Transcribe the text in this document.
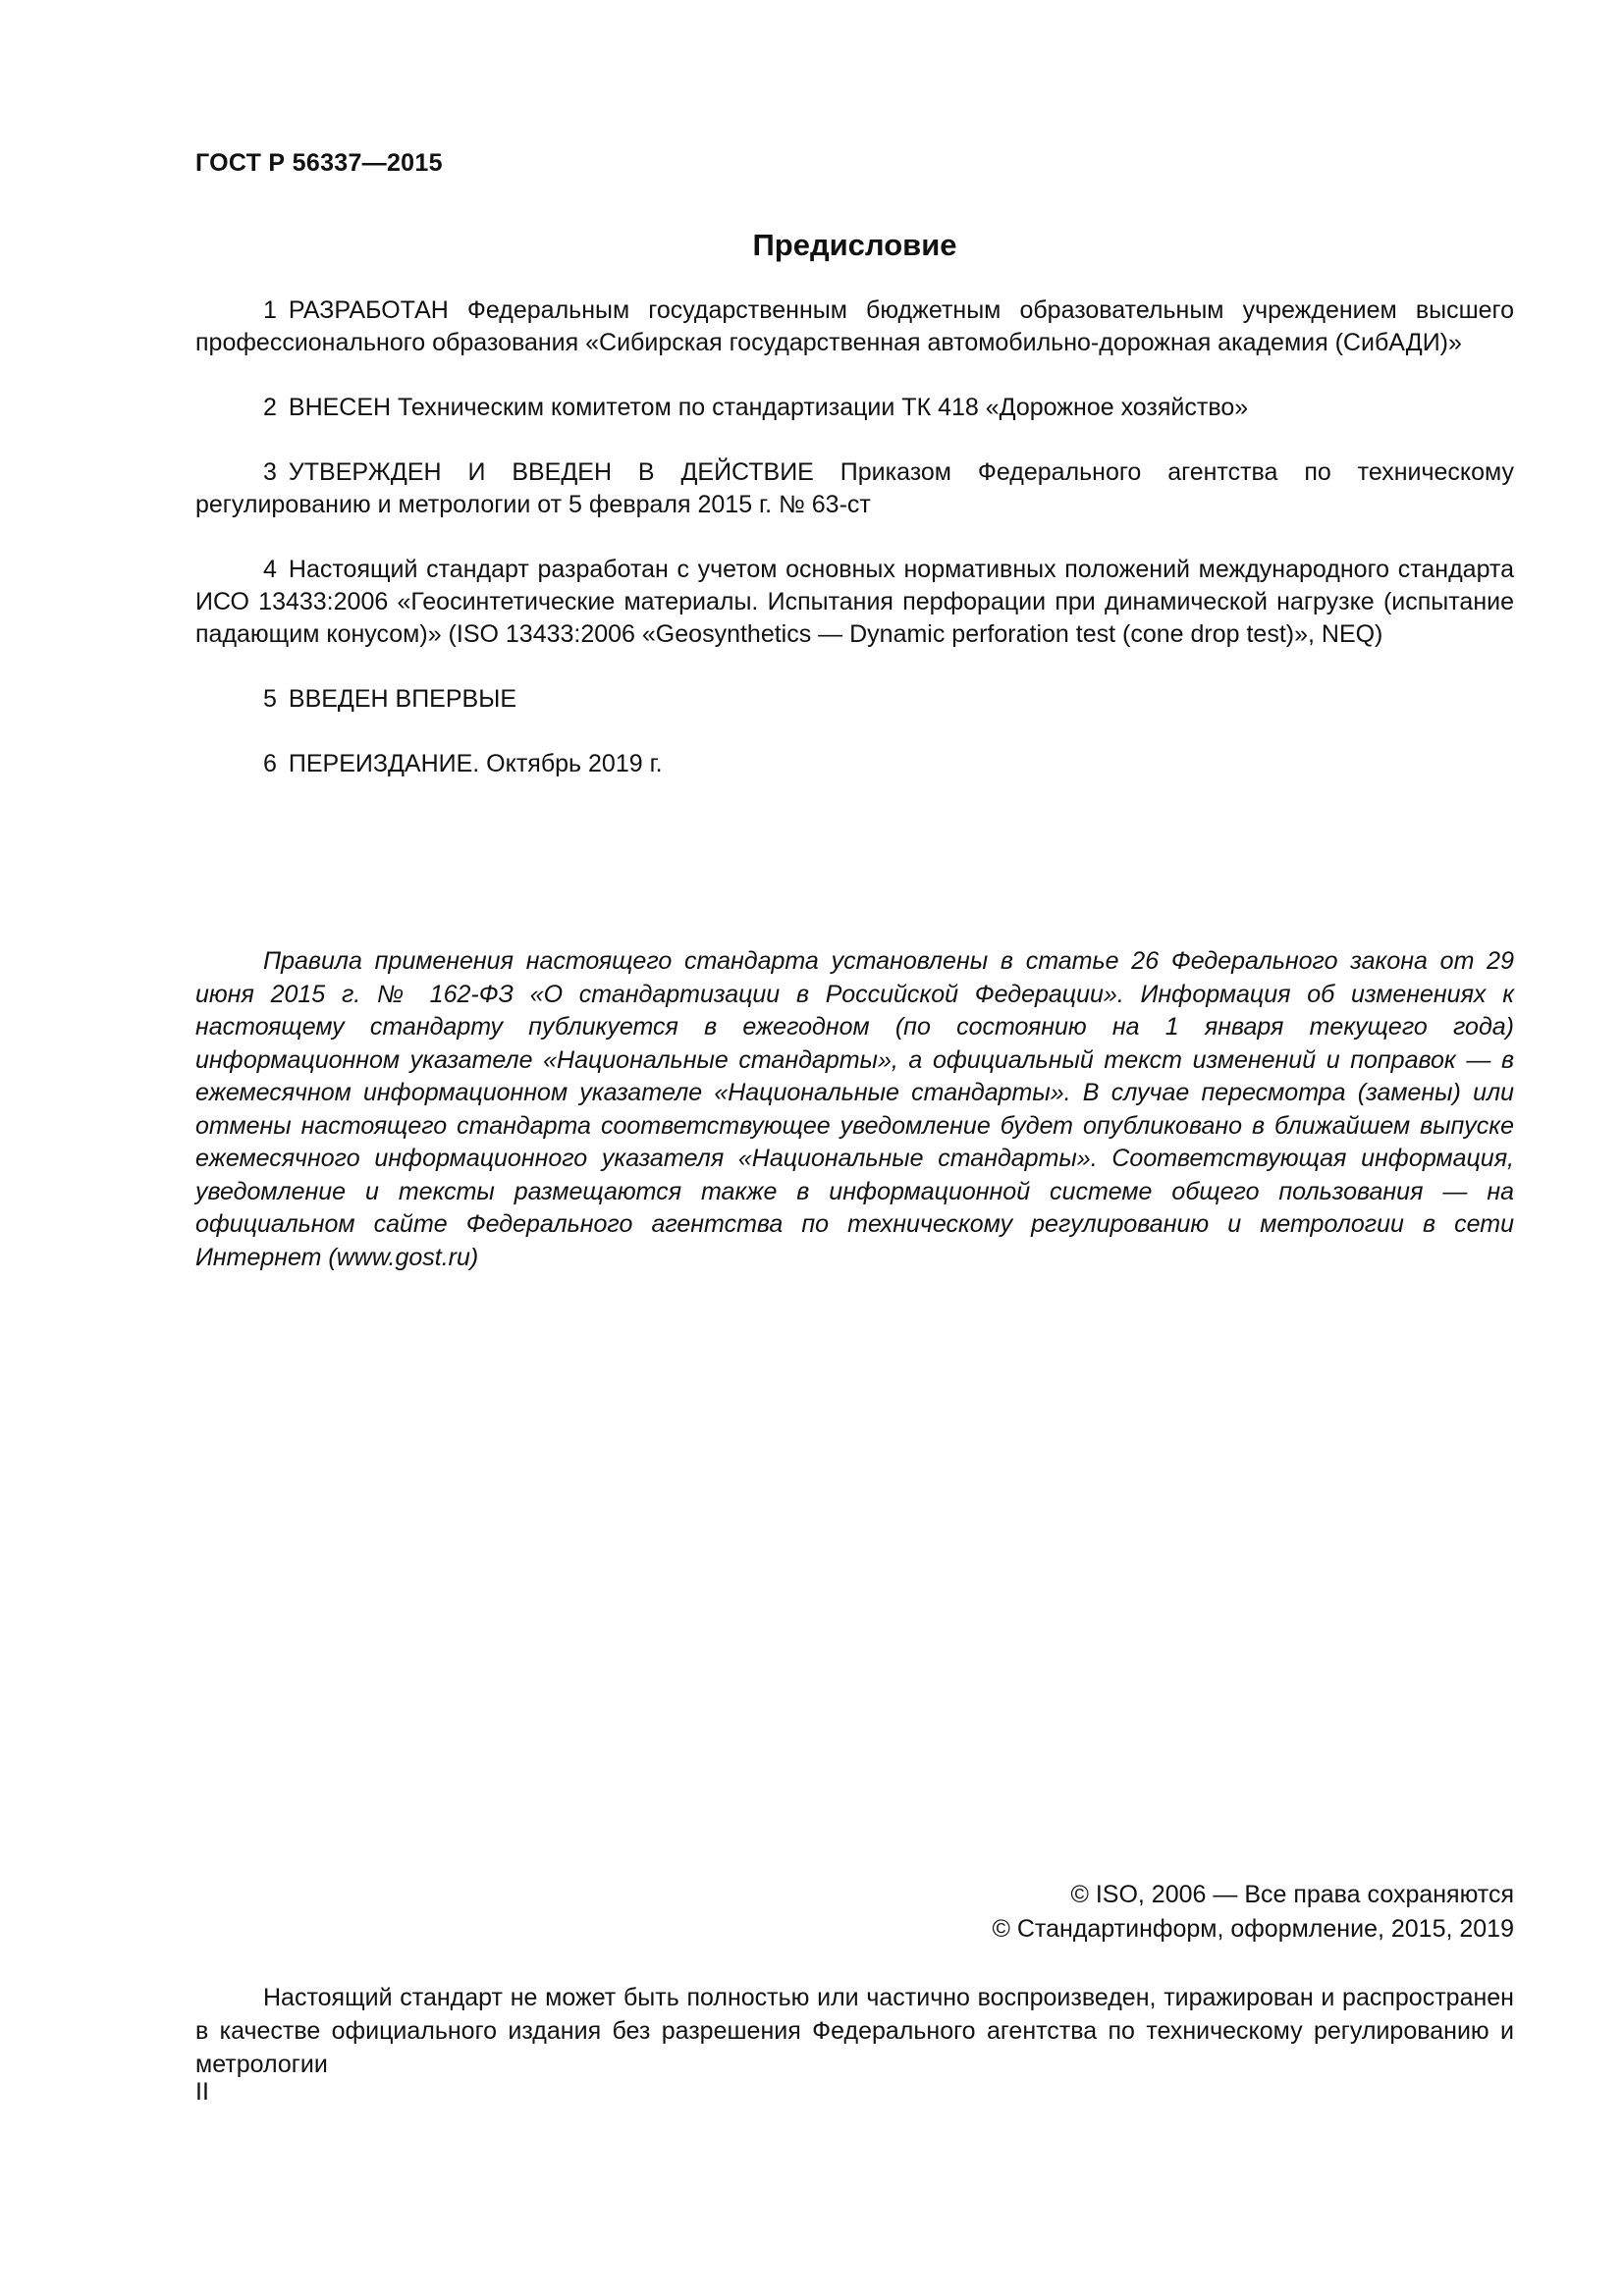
ГОСТ Р 56337—2015
Предисловие

1 РАЗРАБОТАН Федеральным государственным бюджетным образовательным учреждением высшего профессионального образования «Сибирская государственная автомобильно-дорожная академия (СибАДИ)»

2 ВНЕСЕН Техническим комитетом по стандартизации ТК 418 «Дорожное хозяйство»

3 УТВЕРЖДЕН И ВВЕДЕН В ДЕЙСТВИЕ Приказом Федерального агентства по техническому регулированию и метрологии от 5 февраля 2015 г. № 63-ст

4 Настоящий стандарт разработан с учетом основных нормативных положений международного стандарта ИСО 13433:2006 «Геосинтетические материалы. Испытания перфорации при динамической нагрузке (испытание падающим конусом)» (ISO 13433:2006 «Geosynthetics — Dynamic perforation test (cone drop test)», NEQ)

5 ВВЕДЕН ВПЕРВЫЕ

6 ПЕРЕИЗДАНИЕ. Октябрь 2019 г.

Правила применения настоящего стандарта установлены в статье 26 Федерального закона от 29 июня 2015 г. № 162-ФЗ «О стандартизации в Российской Федерации». Информация об изменениях к настоящему стандарту публикуется в ежегодном (по состоянию на 1 января текущего года) информационном указателе «Национальные стандарты», а официальный текст изменений и поправок — в ежемесячном информационном указателе «Национальные стандарты». В случае пересмотра (замены) или отмены настоящего стандарта соответствующее уведомление будет опубликовано в ближайшем выпуске ежемесячного информационного указателя «Национальные стандарты». Соответствующая информация, уведомление и тексты размещаются также в информационной системе общего пользования — на официальном сайте Федерального агентства по техническому регулированию и метрологии в сети Интернет (www.gost.ru)
© ISO, 2006 — Все права сохраняются
© Стандартинформ, оформление, 2015, 2019
Настоящий стандарт не может быть полностью или частично воспроизведен, тиражирован и распространен в качестве официального издания без разрешения Федерального агентства по техническому регулированию и метрологии
II
